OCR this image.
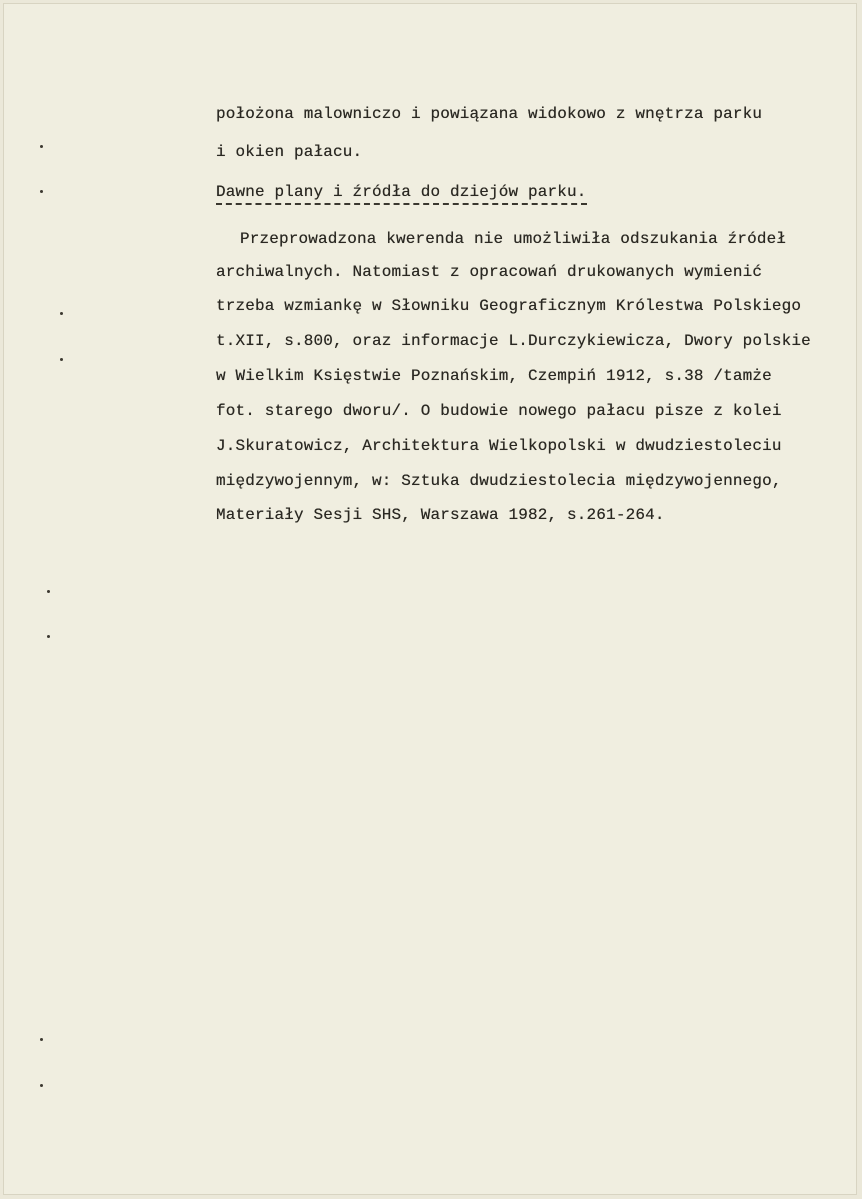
położona malowniczo i powiązana widokowo z wnętrza parku
i okien pałacu.
Dawne plany i źródła do dziejów parku.
Przeprowadzona kwerenda nie umożliwiła odszukania źródeł
archiwalnych. Natomiast z opracowań drukowanych wymienić
trzeba wzmiankę w Słowniku Geograficznym Królestwa Polskiego
t.XII, s.800, oraz informacje L.Durczykiewicza, Dwory polskie
w Wielkim Księstwie Poznańskim, Czempiń 1912, s.38 /tamże
fot. starego dworu/. O budowie nowego pałacu pisze z kolei
J.Skuratowicz, Architektura Wielkopolski w dwudziestoleciu
międzywojennym, w: Sztuka dwudziestolecia międzywojennego,
Materiały Sesji SHS, Warszawa 1982, s.261-264.
